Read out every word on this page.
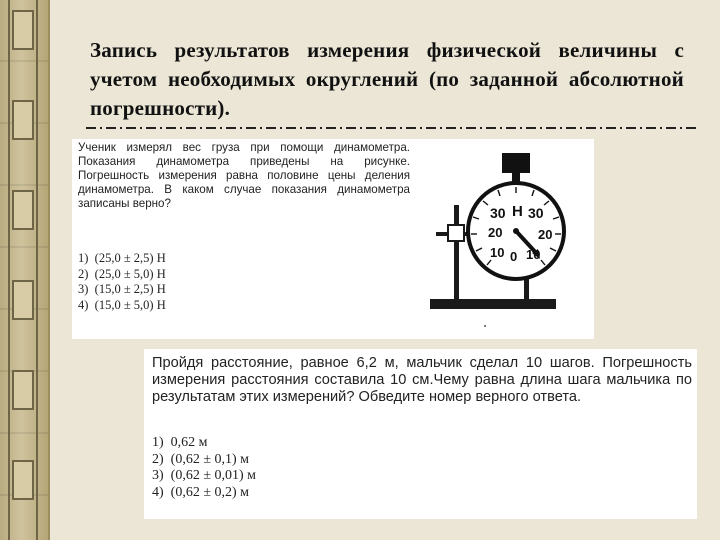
Запись результатов измерения физической величины с учетом необходимых округлений (по заданной абсолютной погрешности).
Ученик измерял вес груза при помощи динамометра. Показания динамометра приведены на рисунке. Погрешность измерения равна половине цены деления динамометра. В каком случае показания динамометра записаны верно?
1)  (25,0 ± 2,5) Н
2)  (25,0 ± 5,0) Н
3)  (15,0 ± 2,5) Н
4)  (15,0 ± 5,0) Н
30 Н 30
20	20
10 0 10
Пройдя расстояние, равное 6,2 м, мальчик сделал 10 шагов. Погрешность измерения расстояния составила 10 см.Чему равна длина шага мальчика по результатам этих измерений? Обведите номер верного ответа.
1)  0,62 м
2)  (0,62 ± 0,1) м
3)  (0,62 ± 0,01) м
4)  (0,62 ± 0,2) м
